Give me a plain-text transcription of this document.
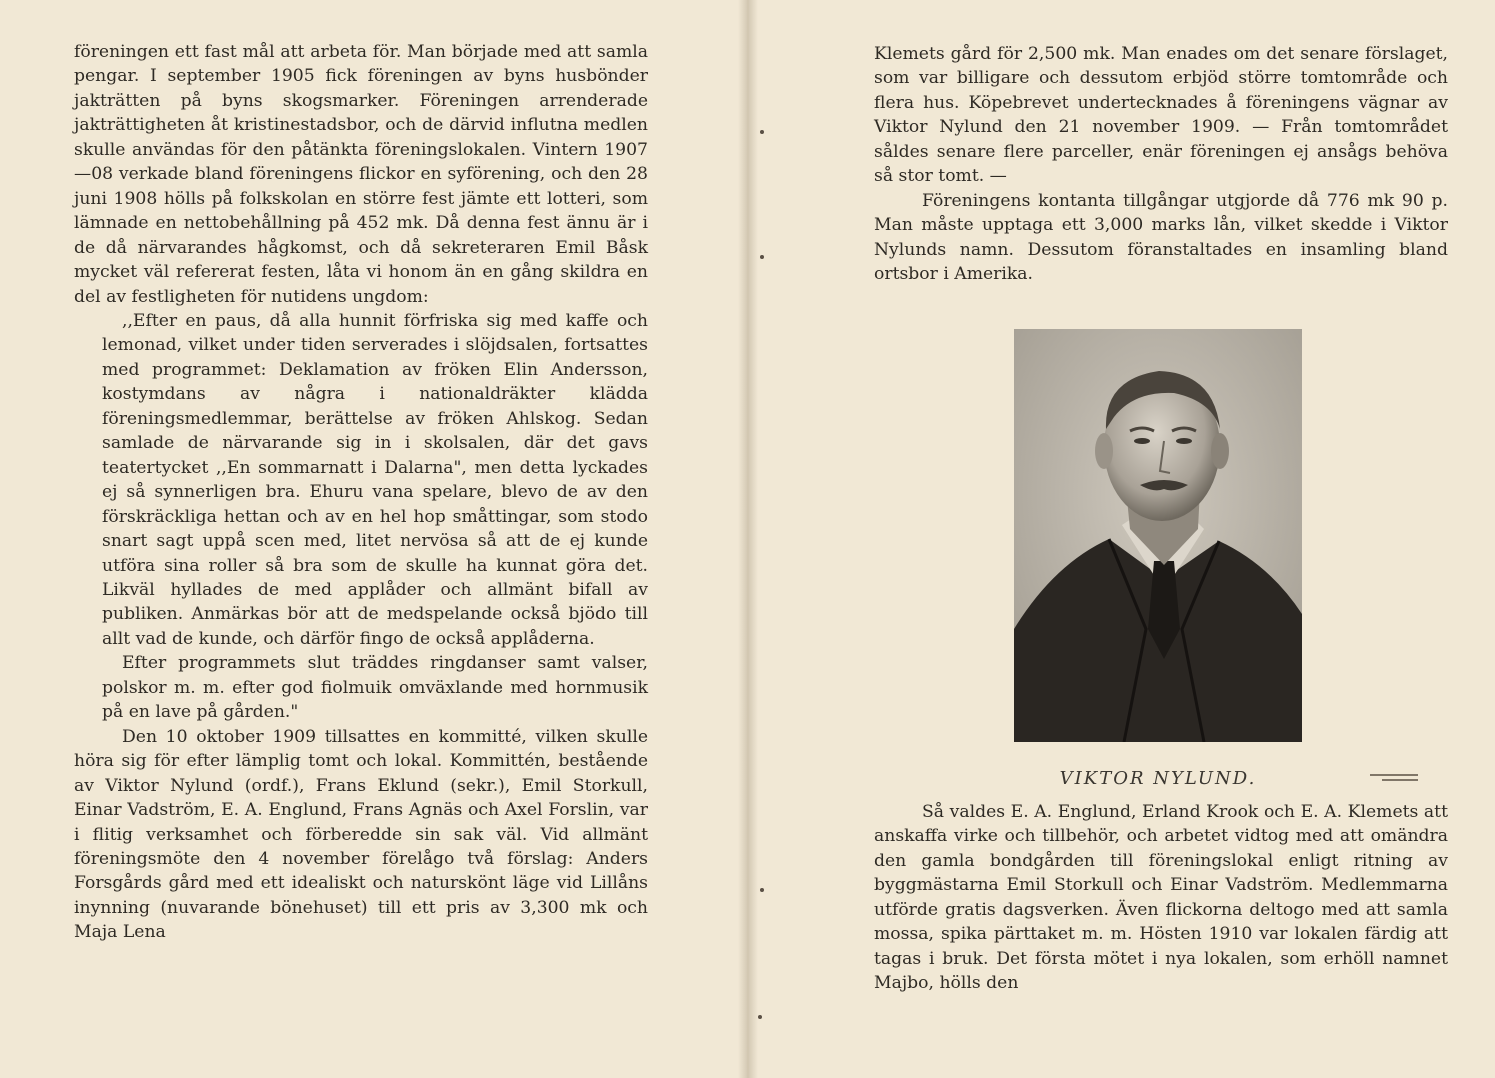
föreningen ett fast mål att arbeta för. Man började med att samla pengar. I september 1905 fick föreningen av byns husbönder jakträtten på byns skogsmarker. Föreningen arrenderade jakträttigheten åt kristinestadsbor, och de därvid influtna medlen skulle användas för den påtänkta föreningslokalen. Vintern 1907—08 verkade bland föreningens flickor en syförening, och den 28 juni 1908 hölls på folkskolan en större fest jämte ett lotteri, som lämnade en nettobehållning på 452 mk. Då denna fest ännu är i de då närvarandes hågkomst, och då sekreteraren Emil Båsk mycket väl refererat festen, låta vi honom än en gång skildra en del av festligheten för nutidens ungdom:

,,Efter en paus, då alla hunnit förfriska sig med kaffe och lemonad, vilket under tiden serverades i slöjdsalen, fortsattes med programmet: Deklamation av fröken Elin Andersson, kostymdans av några i nationaldräkter klädda föreningsmedlemmar, berättelse av fröken Ahlskog. Sedan samlade de närvarande sig in i skolsalen, där det gavs teatertycket ,,En sommarnatt i Dalarna", men detta lyckades ej så synnerligen bra. Ehuru vana spelare, blevo de av den förskräckliga hettan och av en hel hop småttingar, som stodo snart sagt uppå scen med, litet nervösa så att de ej kunde utföra sina roller så bra som de skulle ha kunnat göra det. Likväl hyllades de med applåder och allmänt bifall av publiken. Anmärkas bör att de medspelande också bjödo till allt vad de kunde, och därför fingo de också applåderna.

Efter programmets slut träddes ringdanser samt valser, polskor m. m. efter god fiolmuik omväxlande med hornmusik på en lave på gården."

Den 10 oktober 1909 tillsattes en kommitté, vilken skulle höra sig för efter lämplig tomt och lokal. Kommittén, bestående av Viktor Nylund (ordf.), Frans Eklund (sekr.), Emil Storkull, Einar Vadström, E. A. Englund, Frans Agnäs och Axel Forslin, var i flitig verksamhet och förberedde sin sak väl. Vid allmänt föreningsmöte den 4 november förelågo två förslag: Anders Forsgårds gård med ett idealiskt och naturskönt läge vid Lillåns inynning (nuvarande bönehuset) till ett pris av 3,300 mk och Maja Lena

Klemets gård för 2,500 mk. Man enades om det senare förslaget, som var billigare och dessutom erbjöd större tomtområde och flera hus. Köpebrevet undertecknades å föreningens vägnar av Viktor Nylund den 21 november 1909. — Från tomtområdet såldes senare flere parceller, enär föreningen ej ansågs behöva så stor tomt. —

Föreningens kontanta tillgångar utgjorde då 776 mk 90 p. Man måste upptaga ett 3,000 marks lån, vilket skedde i Viktor Nylunds namn. Dessutom föranstaltades en insamling bland ortsbor i Amerika.

VIKTOR NYLUND.

Så valdes E. A. Englund, Erland Krook och E. A. Klemets att anskaffa virke och tillbehör, och arbetet vidtog med att omändra den gamla bondgården till föreningslokal enligt ritning av byggmästarna Emil Storkull och Einar Vadström. Medlemmarna utförde gratis dagsverken. Även flickorna deltogo med att samla mossa, spika pärttaket m. m. Hösten 1910 var lokalen färdig att tagas i bruk. Det första mötet i nya lokalen, som erhöll namnet Majbo, hölls den
